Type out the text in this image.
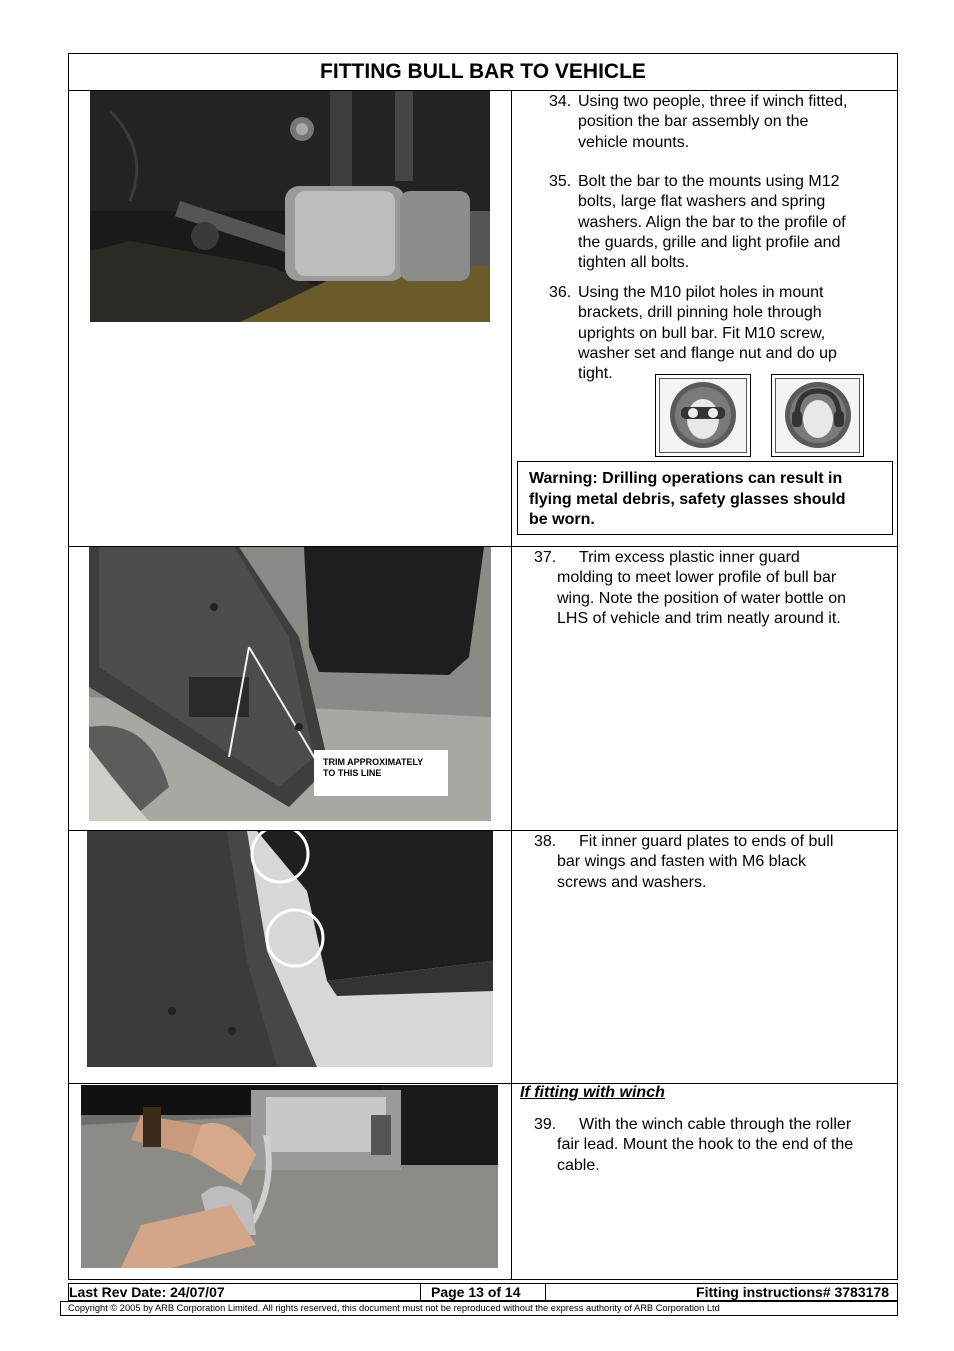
FITTING BULL BAR TO VEHICLE
34. Using two people, three if winch fitted,
position the bar assembly on the
vehicle mounts.
35. Bolt the bar to the mounts using M12
bolts, large flat washers and spring
washers. Align the bar to the profile of
the guards, grille and light profile and
tighten all bolts.
36. Using the M10 pilot holes in mount
brackets, drill pinning hole through
uprights on bull bar. Fit M10 screw,
washer set and flange nut and do up
tight.
Warning: Drilling operations can result in
flying metal debris, safety glasses should
be worn.
TRIM APPROXIMATELY
TO THIS LINE
37.	Trim excess plastic inner guard
molding to meet lower profile of bull bar
wing. Note the position of water bottle on
LHS of vehicle and trim neatly around it.
38.	Fit inner guard plates to ends of bull
bar wings and fasten with M6 black
screws and washers.
If fitting with winch
39.	With the winch cable through the roller
fair lead. Mount the hook to the end of the
cable.
Last Rev Date: 24/07/07	Page 13 of 14	Fitting instructions# 3783178
Copyright © 2005 by ARB Corporation Limited. All rights reserved, this document must not be reproduced without the express authority of ARB Corporation Ltd
